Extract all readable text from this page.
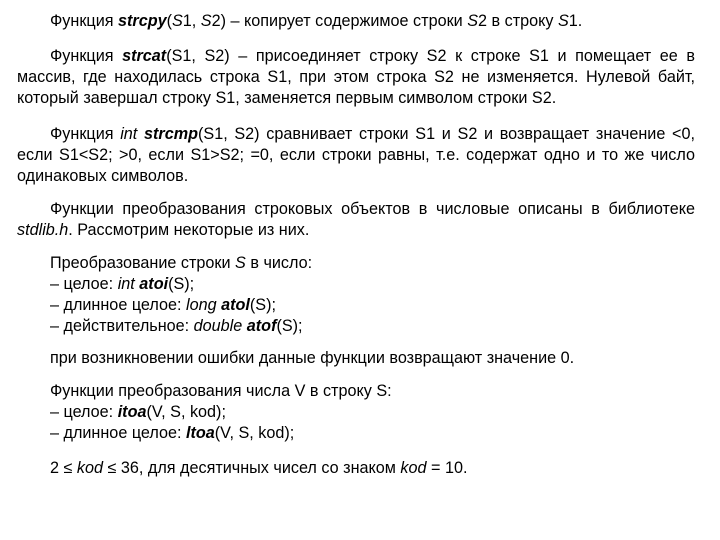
Функция strcpy(S1, S2) – копирует содержимое строки S2 в строку S1.

Функция strcat(S1, S2) – присоединяет строку S2 к строке S1 и помещает ее в массив, где находилась строка S1, при этом строка S2 не изменяется. Нулевой байт, который завершал строку S1, заменяется первым символом строки S2.

Функция int strcmp(S1, S2) сравнивает строки S1 и S2 и возвращает значение <0, если S1<S2; >0, если S1>S2; =0, если строки равны, т.е. содержат одно и то же число одинаковых символов.

Функции преобразования строковых объектов в числовые описаны в библиотеке stdlib.h. Рассмотрим некоторые из них.

Преобразование строки S в число:
– целое: int atoi(S);
– длинное целое: long atol(S);
– действительное: double atof(S);

при возникновении ошибки данные функции возвращают значение 0.

Функции преобразования числа V в строку S:
– целое: itoa(V, S, kod);
– длинное целое: ltoa(V, S, kod);

2 ≤ kod ≤ 36, для десятичных чисел со знаком kod = 10.
